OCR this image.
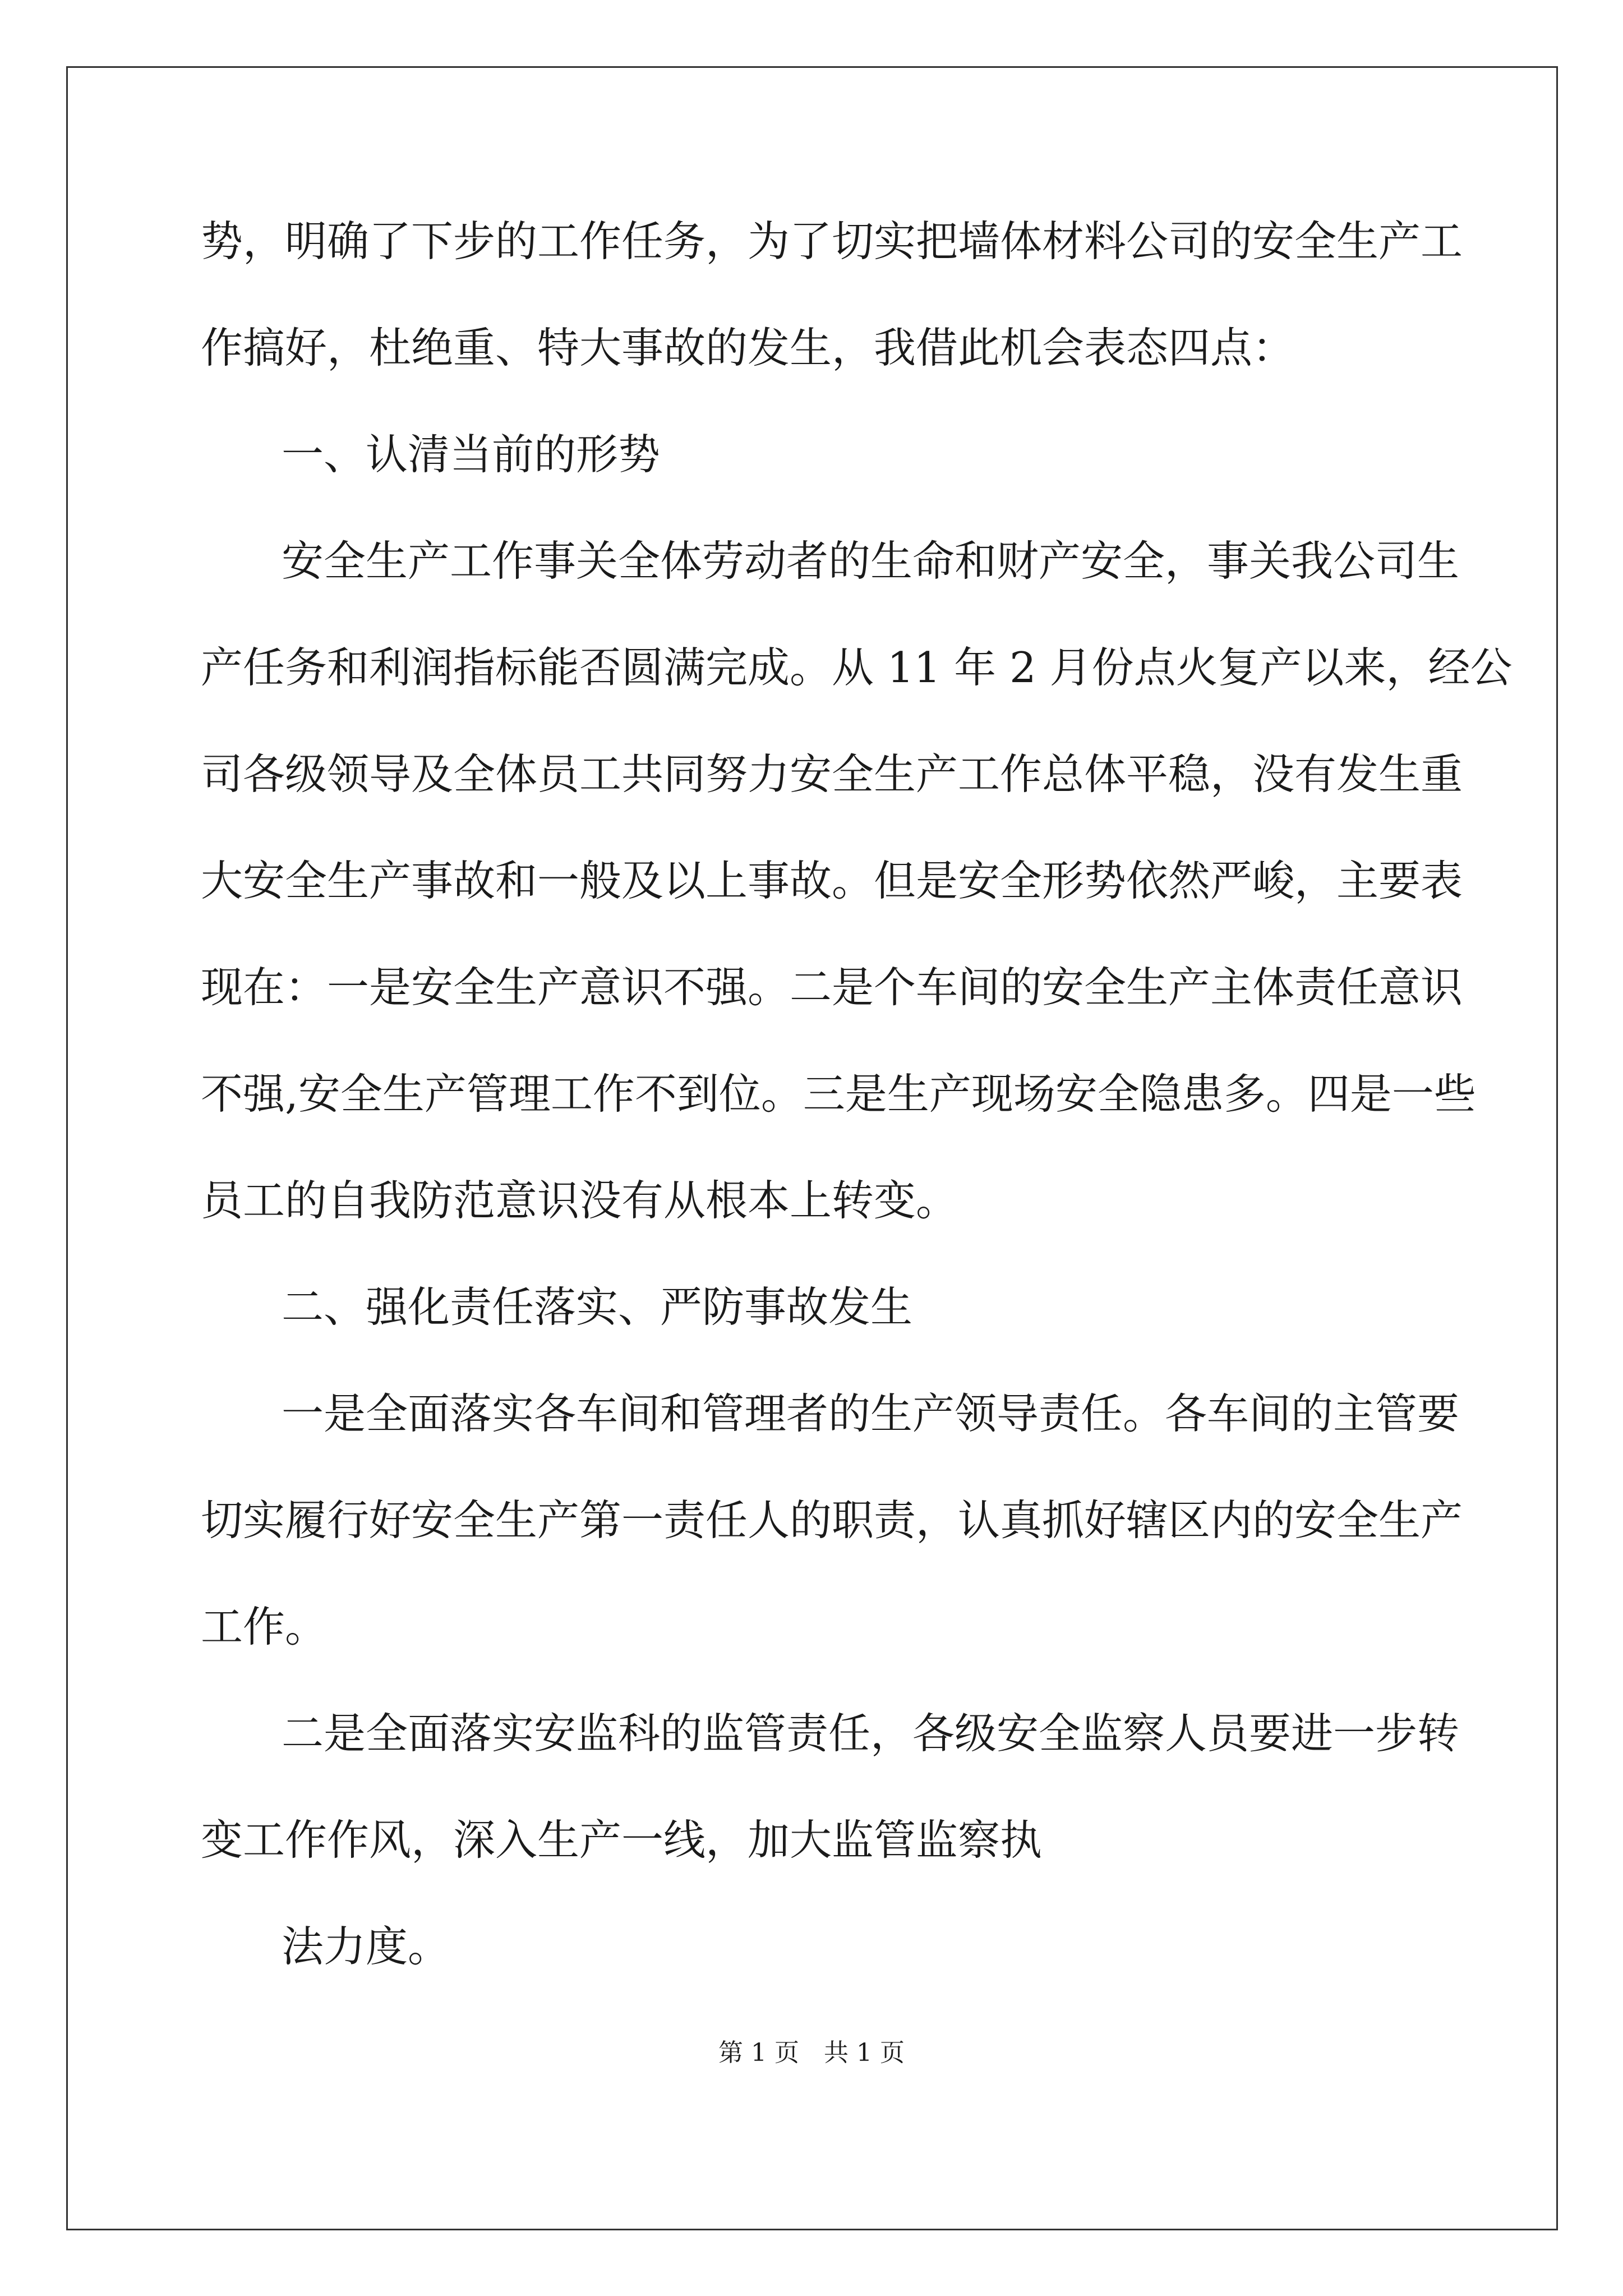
势，明确了下步的工作任务，为了切实把墙体材料公司的安全生产工
作搞好，杜绝重、特大事故的发生，我借此机会表态四点：
一、认清当前的形势
安全生产工作事关全体劳动者的生命和财产安全，事关我公司生
产任务和利润指标能否圆满完成。从 11 年 2 月份点火复产以来，经公
司各级领导及全体员工共同努力安全生产工作总体平稳，没有发生重
大安全生产事故和一般及以上事故。但是安全形势依然严峻，主要表
现在：一是安全生产意识不强。二是个车间的安全生产主体责任意识
不强,安全生产管理工作不到位。三是生产现场安全隐患多。四是一些
员工的自我防范意识没有从根本上转变。
二、强化责任落实、严防事故发生
一是全面落实各车间和管理者的生产领导责任。各车间的主管要
切实履行好安全生产第一责任人的职责，认真抓好辖区内的安全生产
工作。
二是全面落实安监科的监管责任，各级安全监察人员要进一步转
变工作作风，深入生产一线，加大监管监察执
法力度。
第 1 页　共 1 页
